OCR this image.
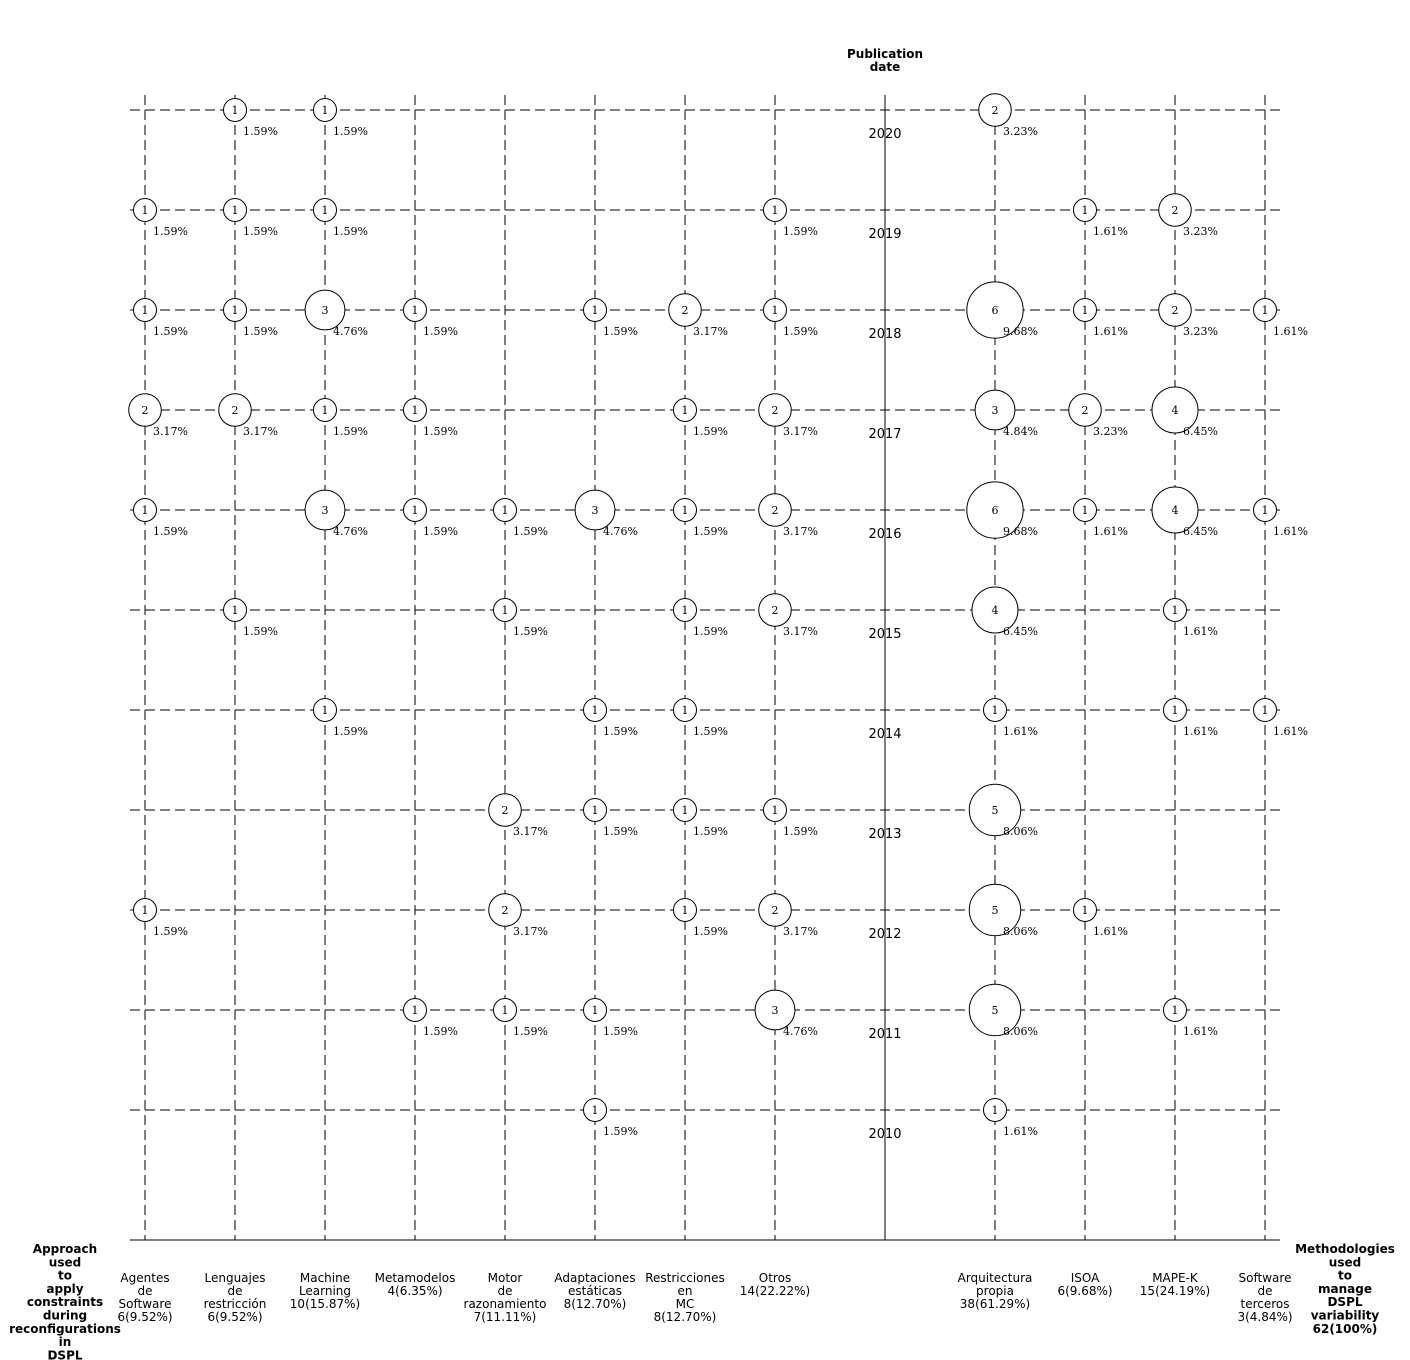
1
1.59%
1
1.59%
1
1.59%
1
1.59%
1
1.59%
1
1.59%
1
1.59%
1
1.59%
3
4.76%
1
1.59%
1
1.59%
2
3.17%
1
1.59%
2
3.17%
2
3.17%
1
1.59%
1
1.59%
1
1.59%
2
3.17%
1
1.59%
3
4.76%
1
1.59%
1
1.59%
3
4.76%
1
1.59%
2
3.17%
1
1.59%
1
1.59%
1
1.59%
2
3.17%
1
1.59%
1
1.59%
1
1.59%
2
3.17%
1
1.59%
1
1.59%
1
1.59%
1
1.59%
2
3.17%
1
1.59%
2
3.17%
1
1.59%
1
1.59%
1
1.59%
3
4.76%
1
1.59%
2
3.23%
1
1.61%
2
3.23%
6
9.68%
1
1.61%
2
3.23%
1
1.61%
3
4.84%
2
3.23%
4
6.45%
6
9.68%
1
1.61%
4
6.45%
1
1.61%
4
6.45%
1
1.61%
1
1.61%
1
1.61%
1
1.61%
5
8.06%
5
8.06%
1
1.61%
5
8.06%
1
1.61%
1
1.61%
2020
2019
2018
2017
2016
2015
2014
2013
2012
2011
2010
Agentes de Software 6(9.52%)
Lenguajes de restricción 6(9.52%)
Machine Learning 10(15.87%)
Metamodelos 4(6.35%)
Motor de razonamiento 7(11.11%)
Adaptaciones estáticas 8(12.70%)
Restricciones en MC 8(12.70%)
Otros 14(22.22%)
Arquitectura propia 38(61.29%)
ISOA 6(9.68%)
MAPE-K 15(24.19%)
Software de terceros 3(4.84%)
Publication date
Approach used to apply constraints during reconfigurations in DSPL
Methodologies used to manage DSPL variability 62(100%)
